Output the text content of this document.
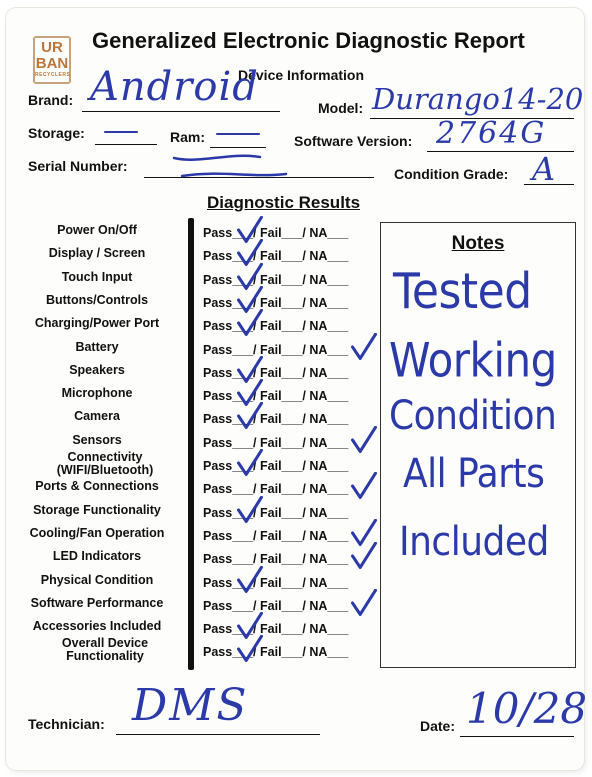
UR
BAN
RECYCLERS
Generalized Electronic Diagnostic Report
Device Information
Brand: Android	Model: Durango14-20
Storage:	Ram:	Software Version: 2764G
Serial Number:	Condition Grade: A
Diagnostic Results
Power On/Off	Pass___/ Fail___/ NA___
Display / Screen	Pass___/ Fail___/ NA___
Touch Input	Pass___/ Fail___/ NA___
Buttons/Controls	Pass___/ Fail___/ NA___
Charging/Power Port	Pass___/ Fail___/ NA___
Battery	Pass___/ Fail___/ NA___
Speakers	Pass___/ Fail___/ NA___
Microphone	Pass___/ Fail___/ NA___
Camera	Pass___/ Fail___/ NA___
Sensors	Pass___/ Fail___/ NA___
Connectivity (WIFI/Bluetooth)	Pass___/ Fail___/ NA___
Ports & Connections	Pass___/ Fail___/ NA___
Storage Functionality	Pass___/ Fail___/ NA___
Cooling/Fan Operation	Pass___/ Fail___/ NA___
LED Indicators	Pass___/ Fail___/ NA___
Physical Condition	Pass___/ Fail___/ NA___
Software Performance	Pass___/ Fail___/ NA___
Accessories Included	Pass___/ Fail___/ NA___
Overall Device Functionality	Pass___/ Fail___/ NA___
Notes
Tested
Working
Condition
All Parts
Included
Technician: DMS	Date: 10/28
